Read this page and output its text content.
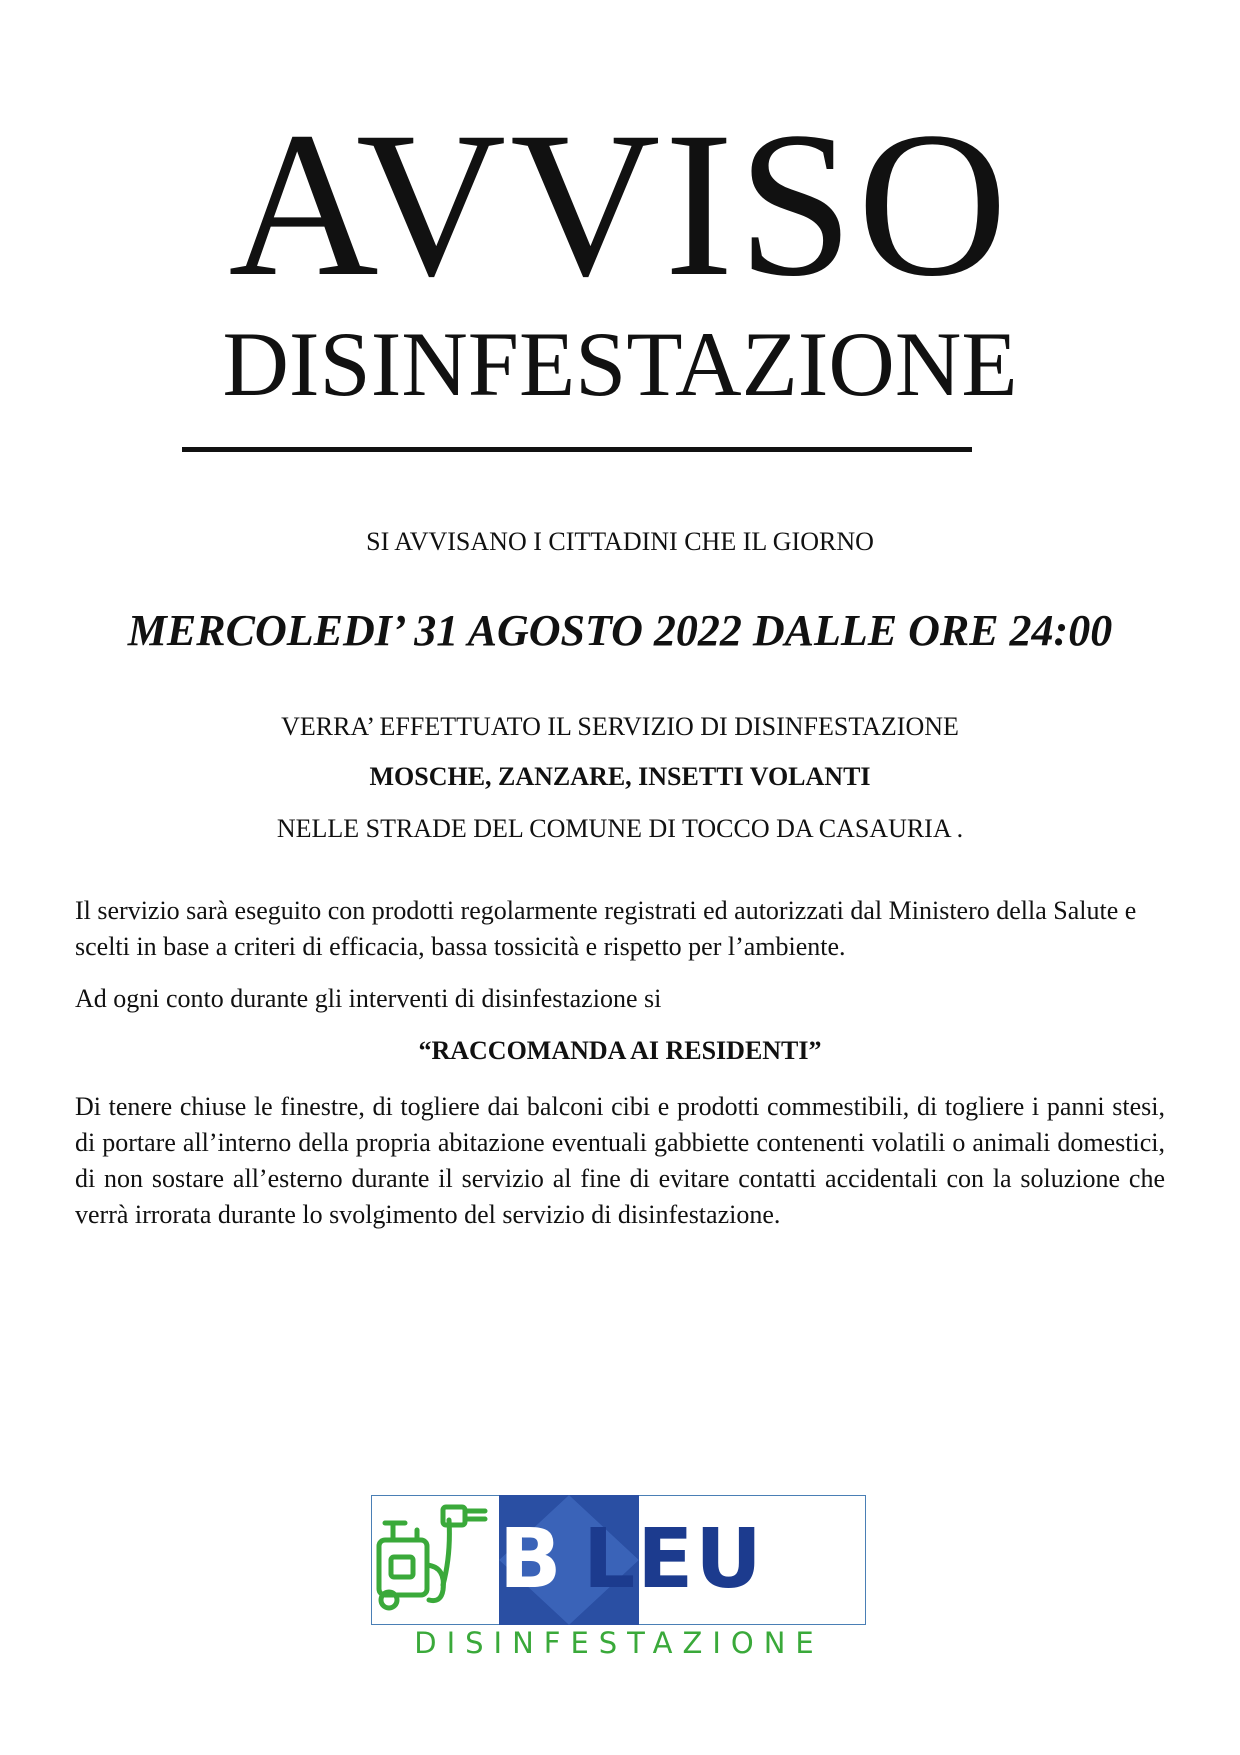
AVVISO
DISINFESTAZIONE

SI AVVISANO I CITTADINI CHE IL GIORNO

MERCOLEDI’ 31 AGOSTO 2022 DALLE ORE 24:00

VERRA’ EFFETTUATO IL SERVIZIO DI DISINFESTAZIONE

MOSCHE, ZANZARE, INSETTI VOLANTI

NELLE STRADE DEL COMUNE DI TOCCO DA CASAURIA .

Il servizio sarà eseguito con prodotti regolarmente registrati ed autorizzati dal Ministero della Salute e scelti in base a criteri di efficacia, bassa tossicità e rispetto per l’ambiente.

Ad ogni conto durante gli interventi di disinfestazione si

“RACCOMANDA AI RESIDENTI”

Di tenere chiuse le finestre, di togliere dai balconi cibi e prodotti commestibili, di togliere i panni stesi, di portare all’interno della propria abitazione eventuali gabbiette contenenti volatili o animali domestici, di non sostare all’esterno durante il servizio al fine di evitare contatti accidentali con la soluzione che verrà irrorata durante lo svolgimento del servizio di disinfestazione.

B LEU
DISINFESTAZIONE
